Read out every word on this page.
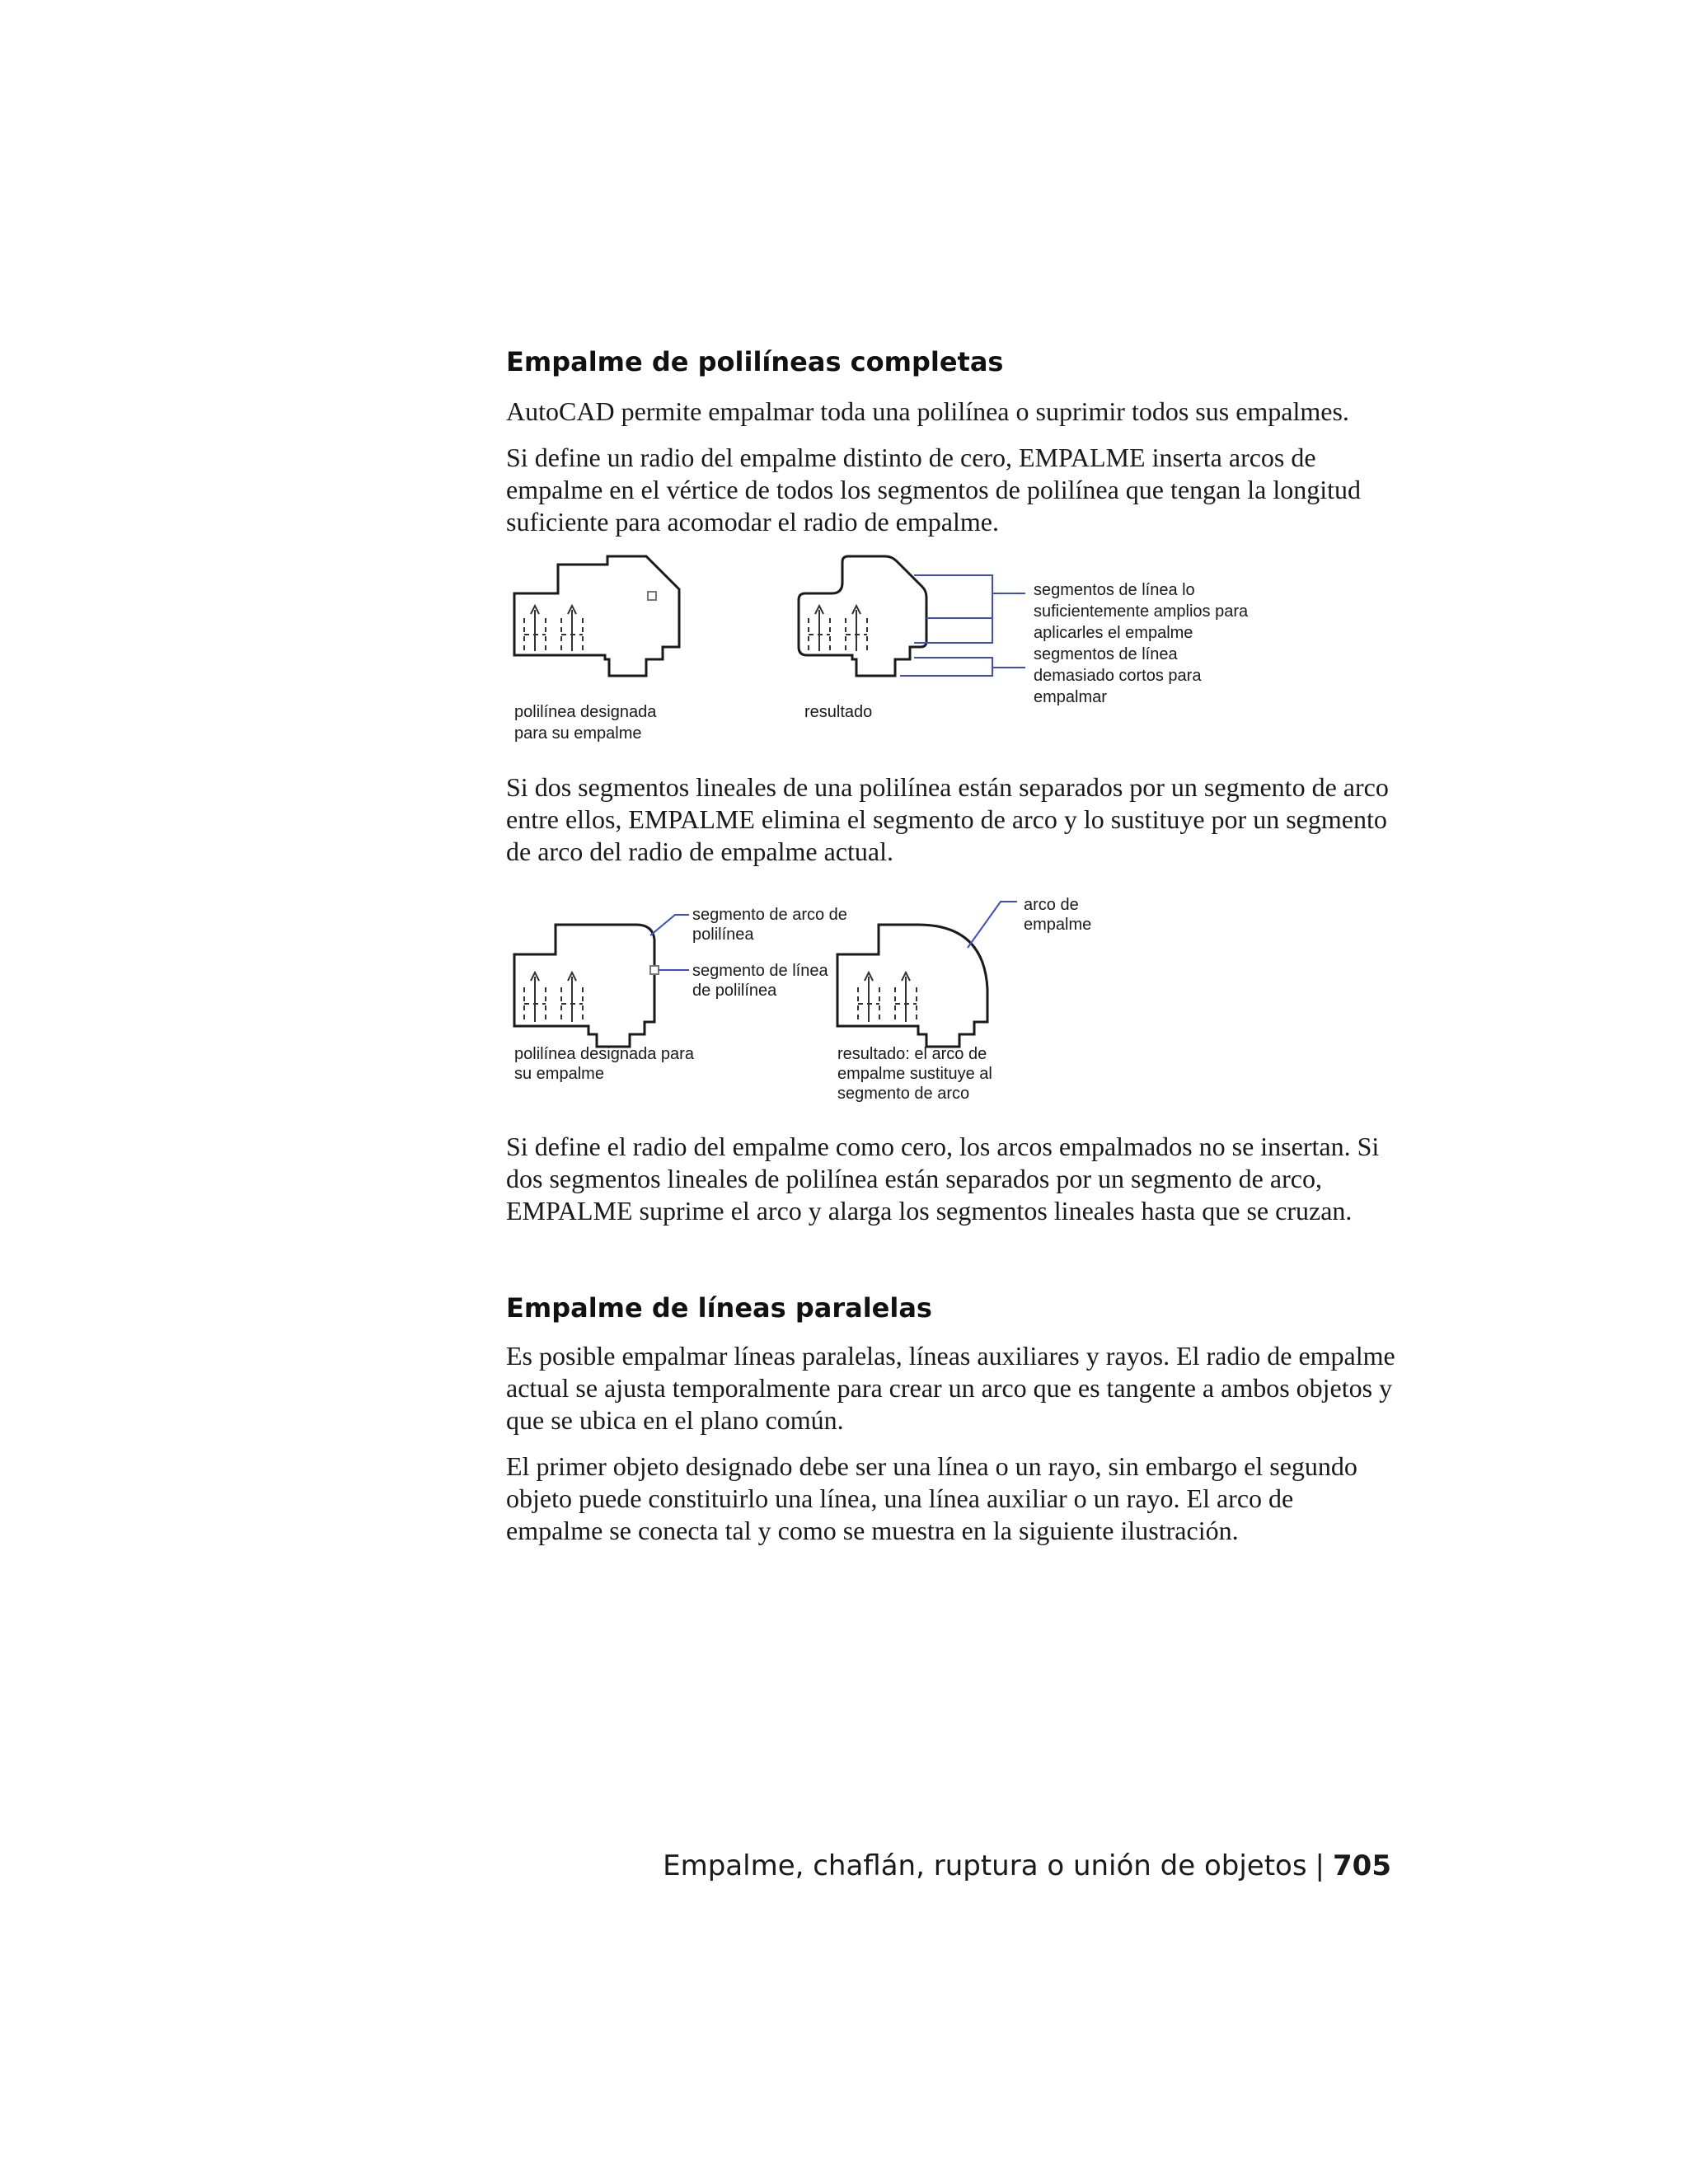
Empalme de polilíneas completas

AutoCAD permite empalmar toda una polilínea o suprimir todos sus empalmes.

Si define un radio del empalme distinto de cero, EMPALME inserta arcos de empalme en el vértice de todos los segmentos de polilínea que tengan la longitud suficiente para acomodar el radio de empalme.

polilínea designada
para su empalme
resultado
segmentos de línea lo
suficientemente amplios para
aplicarles el empalme
segmentos de línea
demasiado cortos para
empalmar

Si dos segmentos lineales de una polilínea están separados por un segmento de arco entre ellos, EMPALME elimina el segmento de arco y lo sustituye por un segmento de arco del radio de empalme actual.

segmento de arco de
polilínea
segmento de línea
de polilínea
polilínea designada para
su empalme
arco de
empalme
resultado: el arco de
empalme sustituye al
segmento de arco

Si define el radio del empalme como cero, los arcos empalmados no se insertan. Si dos segmentos lineales de polilínea están separados por un segmento de arco, EMPALME suprime el arco y alarga los segmentos lineales hasta que se cruzan.

Empalme de líneas paralelas

Es posible empalmar líneas paralelas, líneas auxiliares y rayos. El radio de empalme actual se ajusta temporalmente para crear un arco que es tangente a ambos objetos y que se ubica en el plano común.

El primer objeto designado debe ser una línea o un rayo, sin embargo el segundo objeto puede constituirlo una línea, una línea auxiliar o un rayo. El arco de empalme se conecta tal y como se muestra en la siguiente ilustración.

Empalme, chaflán, ruptura o unión de objetos | 705
